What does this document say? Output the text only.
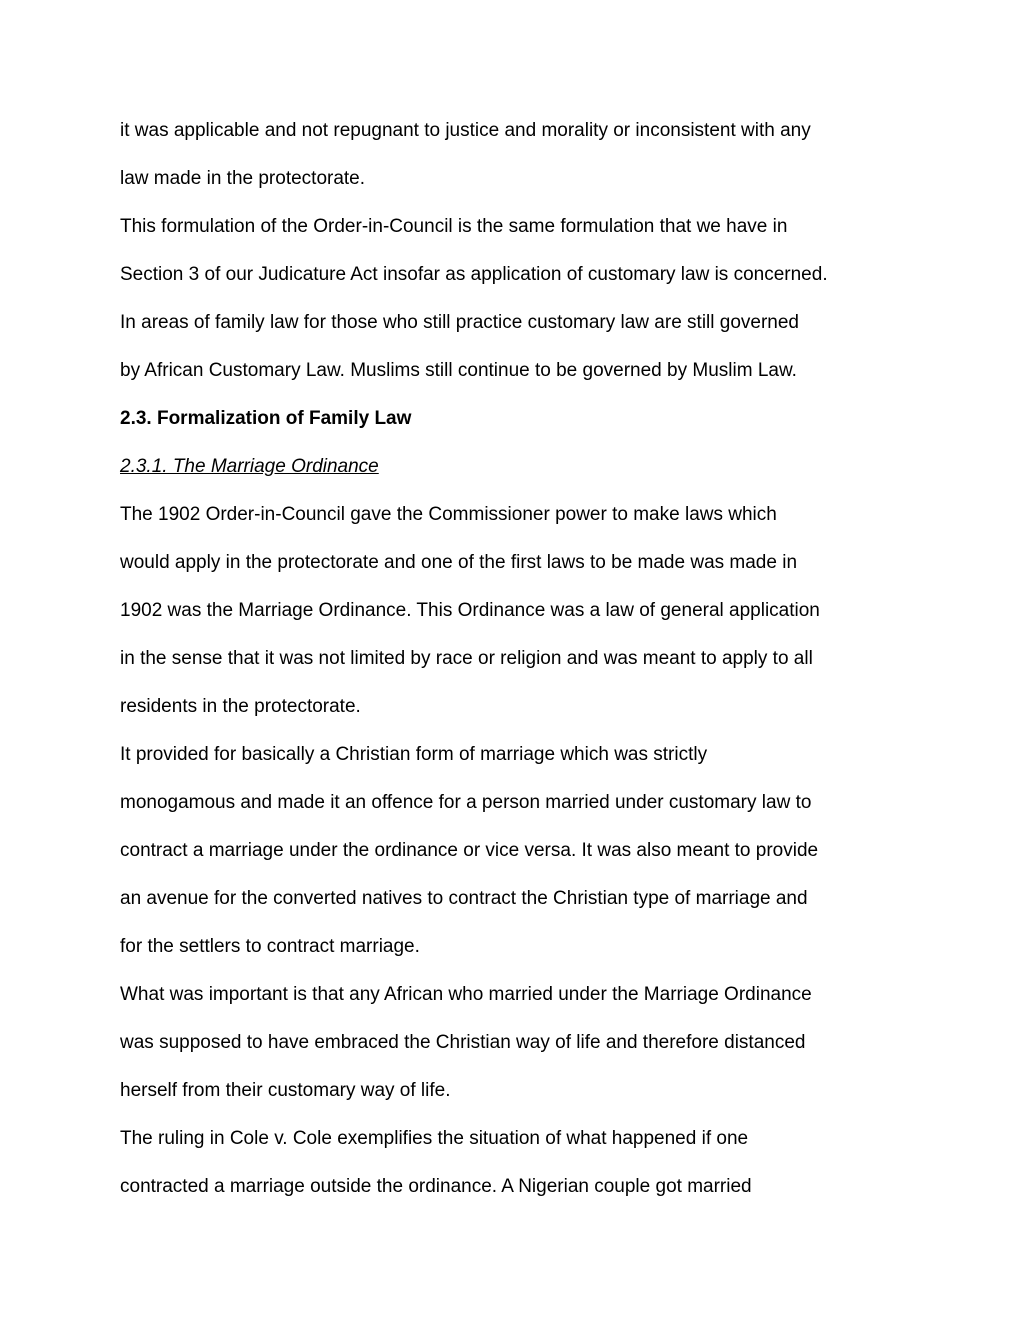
it was applicable and not repugnant to justice and morality or inconsistent with any
law made in the protectorate.
This formulation of the Order-in-Council is the same formulation that we have in
Section 3 of our Judicature Act insofar as application of customary law is concerned.
In areas of family law for those who still practice customary law are still governed
by African Customary Law. Muslims still continue to be governed by Muslim Law.
2.3. Formalization of Family Law
2.3.1. The Marriage Ordinance
The 1902 Order-in-Council gave the Commissioner power to make laws which
would apply in the protectorate and one of the first laws to be made was made in
1902 was the Marriage Ordinance. This Ordinance was a law of general application
in the sense that it was not limited by race or religion and was meant to apply to all
residents in the protectorate.
It provided for basically a Christian form of marriage which was strictly
monogamous and made it an offence for a person married under customary law to
contract a marriage under the ordinance or vice versa. It was also meant to provide
an avenue for the converted natives to contract the Christian type of marriage and
for the settlers to contract marriage.
What was important is that any African who married under the Marriage Ordinance
was supposed to have embraced the Christian way of life and therefore distanced
herself from their customary way of life.
The ruling in Cole v. Cole exemplifies the situation of what happened if one
contracted a marriage outside the ordinance. A Nigerian couple got married
